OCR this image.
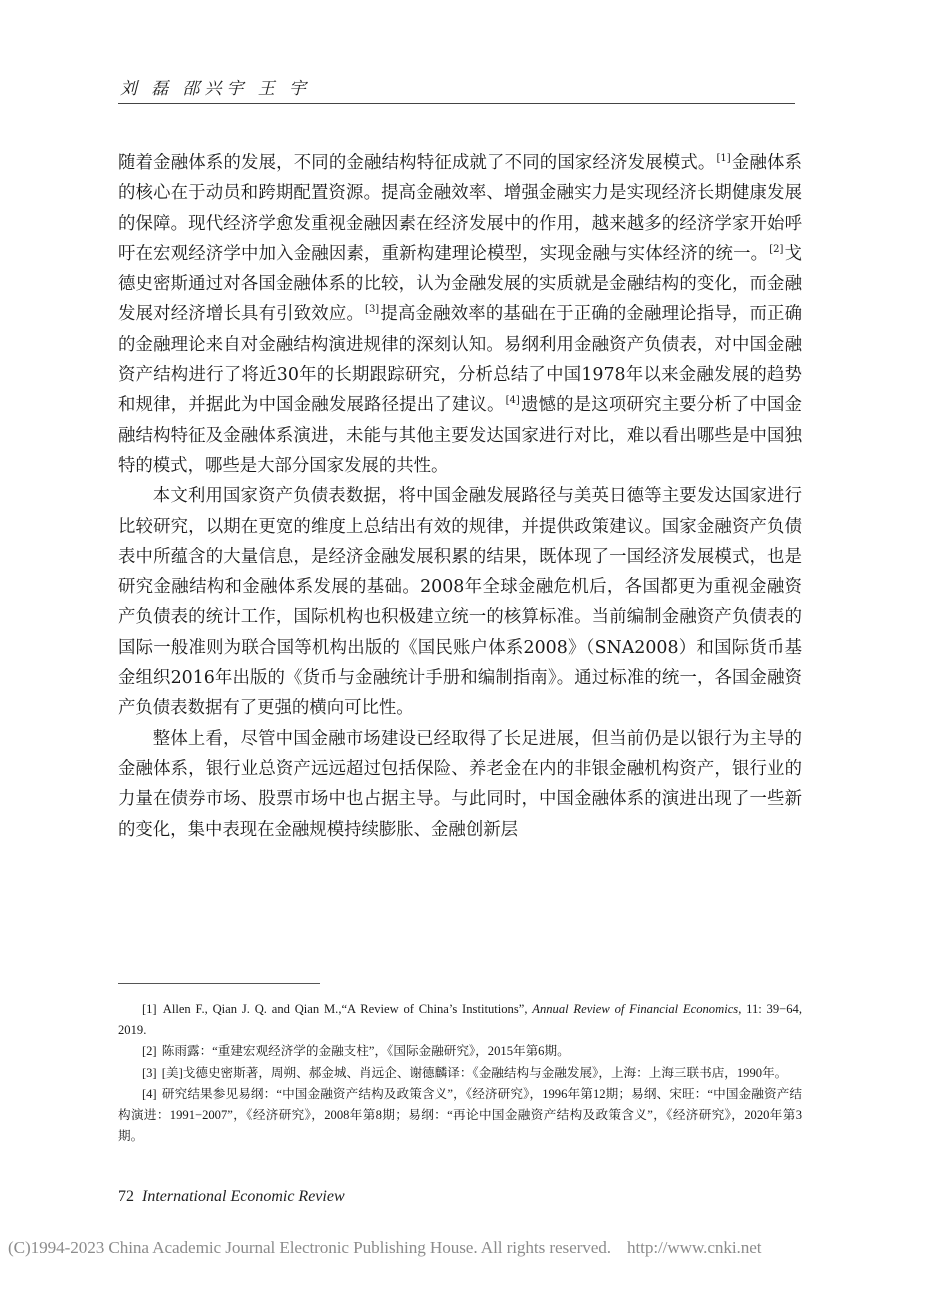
刘 磊 邵兴宇 王 宇

随着金融体系的发展，不同的金融结构特征成就了不同的国家经济发展模式。[1]金融体系的核心在于动员和跨期配置资源。提高金融效率、增强金融实力是实现经济长期健康发展的保障。现代经济学愈发重视金融因素在经济发展中的作用，越来越多的经济学家开始呼吁在宏观经济学中加入金融因素，重新构建理论模型，实现金融与实体经济的统一。[2]戈德史密斯通过对各国金融体系的比较，认为金融发展的实质就是金融结构的变化，而金融发展对经济增长具有引致效应。[3]提高金融效率的基础在于正确的金融理论指导，而正确的金融理论来自对金融结构演进规律的深刻认知。易纲利用金融资产负债表，对中国金融资产结构进行了将近30年的长期跟踪研究，分析总结了中国1978年以来金融发展的趋势和规律，并据此为中国金融发展路径提出了建议。[4]遗憾的是这项研究主要分析了中国金融结构特征及金融体系演进，未能与其他主要发达国家进行对比，难以看出哪些是中国独特的模式，哪些是大部分国家发展的共性。

本文利用国家资产负债表数据，将中国金融发展路径与美英日德等主要发达国家进行比较研究，以期在更宽的维度上总结出有效的规律，并提供政策建议。国家金融资产负债表中所蕴含的大量信息，是经济金融发展积累的结果，既体现了一国经济发展模式，也是研究金融结构和金融体系发展的基础。2008年全球金融危机后，各国都更为重视金融资产负债表的统计工作，国际机构也积极建立统一的核算标准。当前编制金融资产负债表的国际一般准则为联合国等机构出版的《国民账户体系2008》（SNA2008）和国际货币基金组织2016年出版的《货币与金融统计手册和编制指南》。通过标准的统一，各国金融资产负债表数据有了更强的横向可比性。

整体上看，尽管中国金融市场建设已经取得了长足进展，但当前仍是以银行为主导的金融体系，银行业总资产远远超过包括保险、养老金在内的非银金融机构资产，银行业的力量在债券市场、股票市场中也占据主导。与此同时，中国金融体系的演进出现了一些新的变化，集中表现在金融规模持续膨胀、金融创新层

[1] Allen F., Qian J. Q. and Qian M.,“A Review of China’s Institutions”, Annual Review of Financial Economics, 11: 39−64, 2019.
[2] 陈雨露：“重建宏观经济学的金融支柱”，《国际金融研究》，2015年第6期。
[3] [美]戈德史密斯著，周朔、郝金城、肖远企、谢德麟译：《金融结构与金融发展》，上海：上海三联书店，1990年。
[4] 研究结果参见易纲：“中国金融资产结构及政策含义”，《经济研究》，1996年第12期；易纲、宋旺：“中国金融资产结构演进：1991−2007”，《经济研究》，2008年第8期；易纲：“再论中国金融资产结构及政策含义”，《经济研究》，2020年第3期。
72 International Economic Review
(C)1994-2023 China Academic Journal Electronic Publishing House. All rights reserved. http://www.cnki.net
